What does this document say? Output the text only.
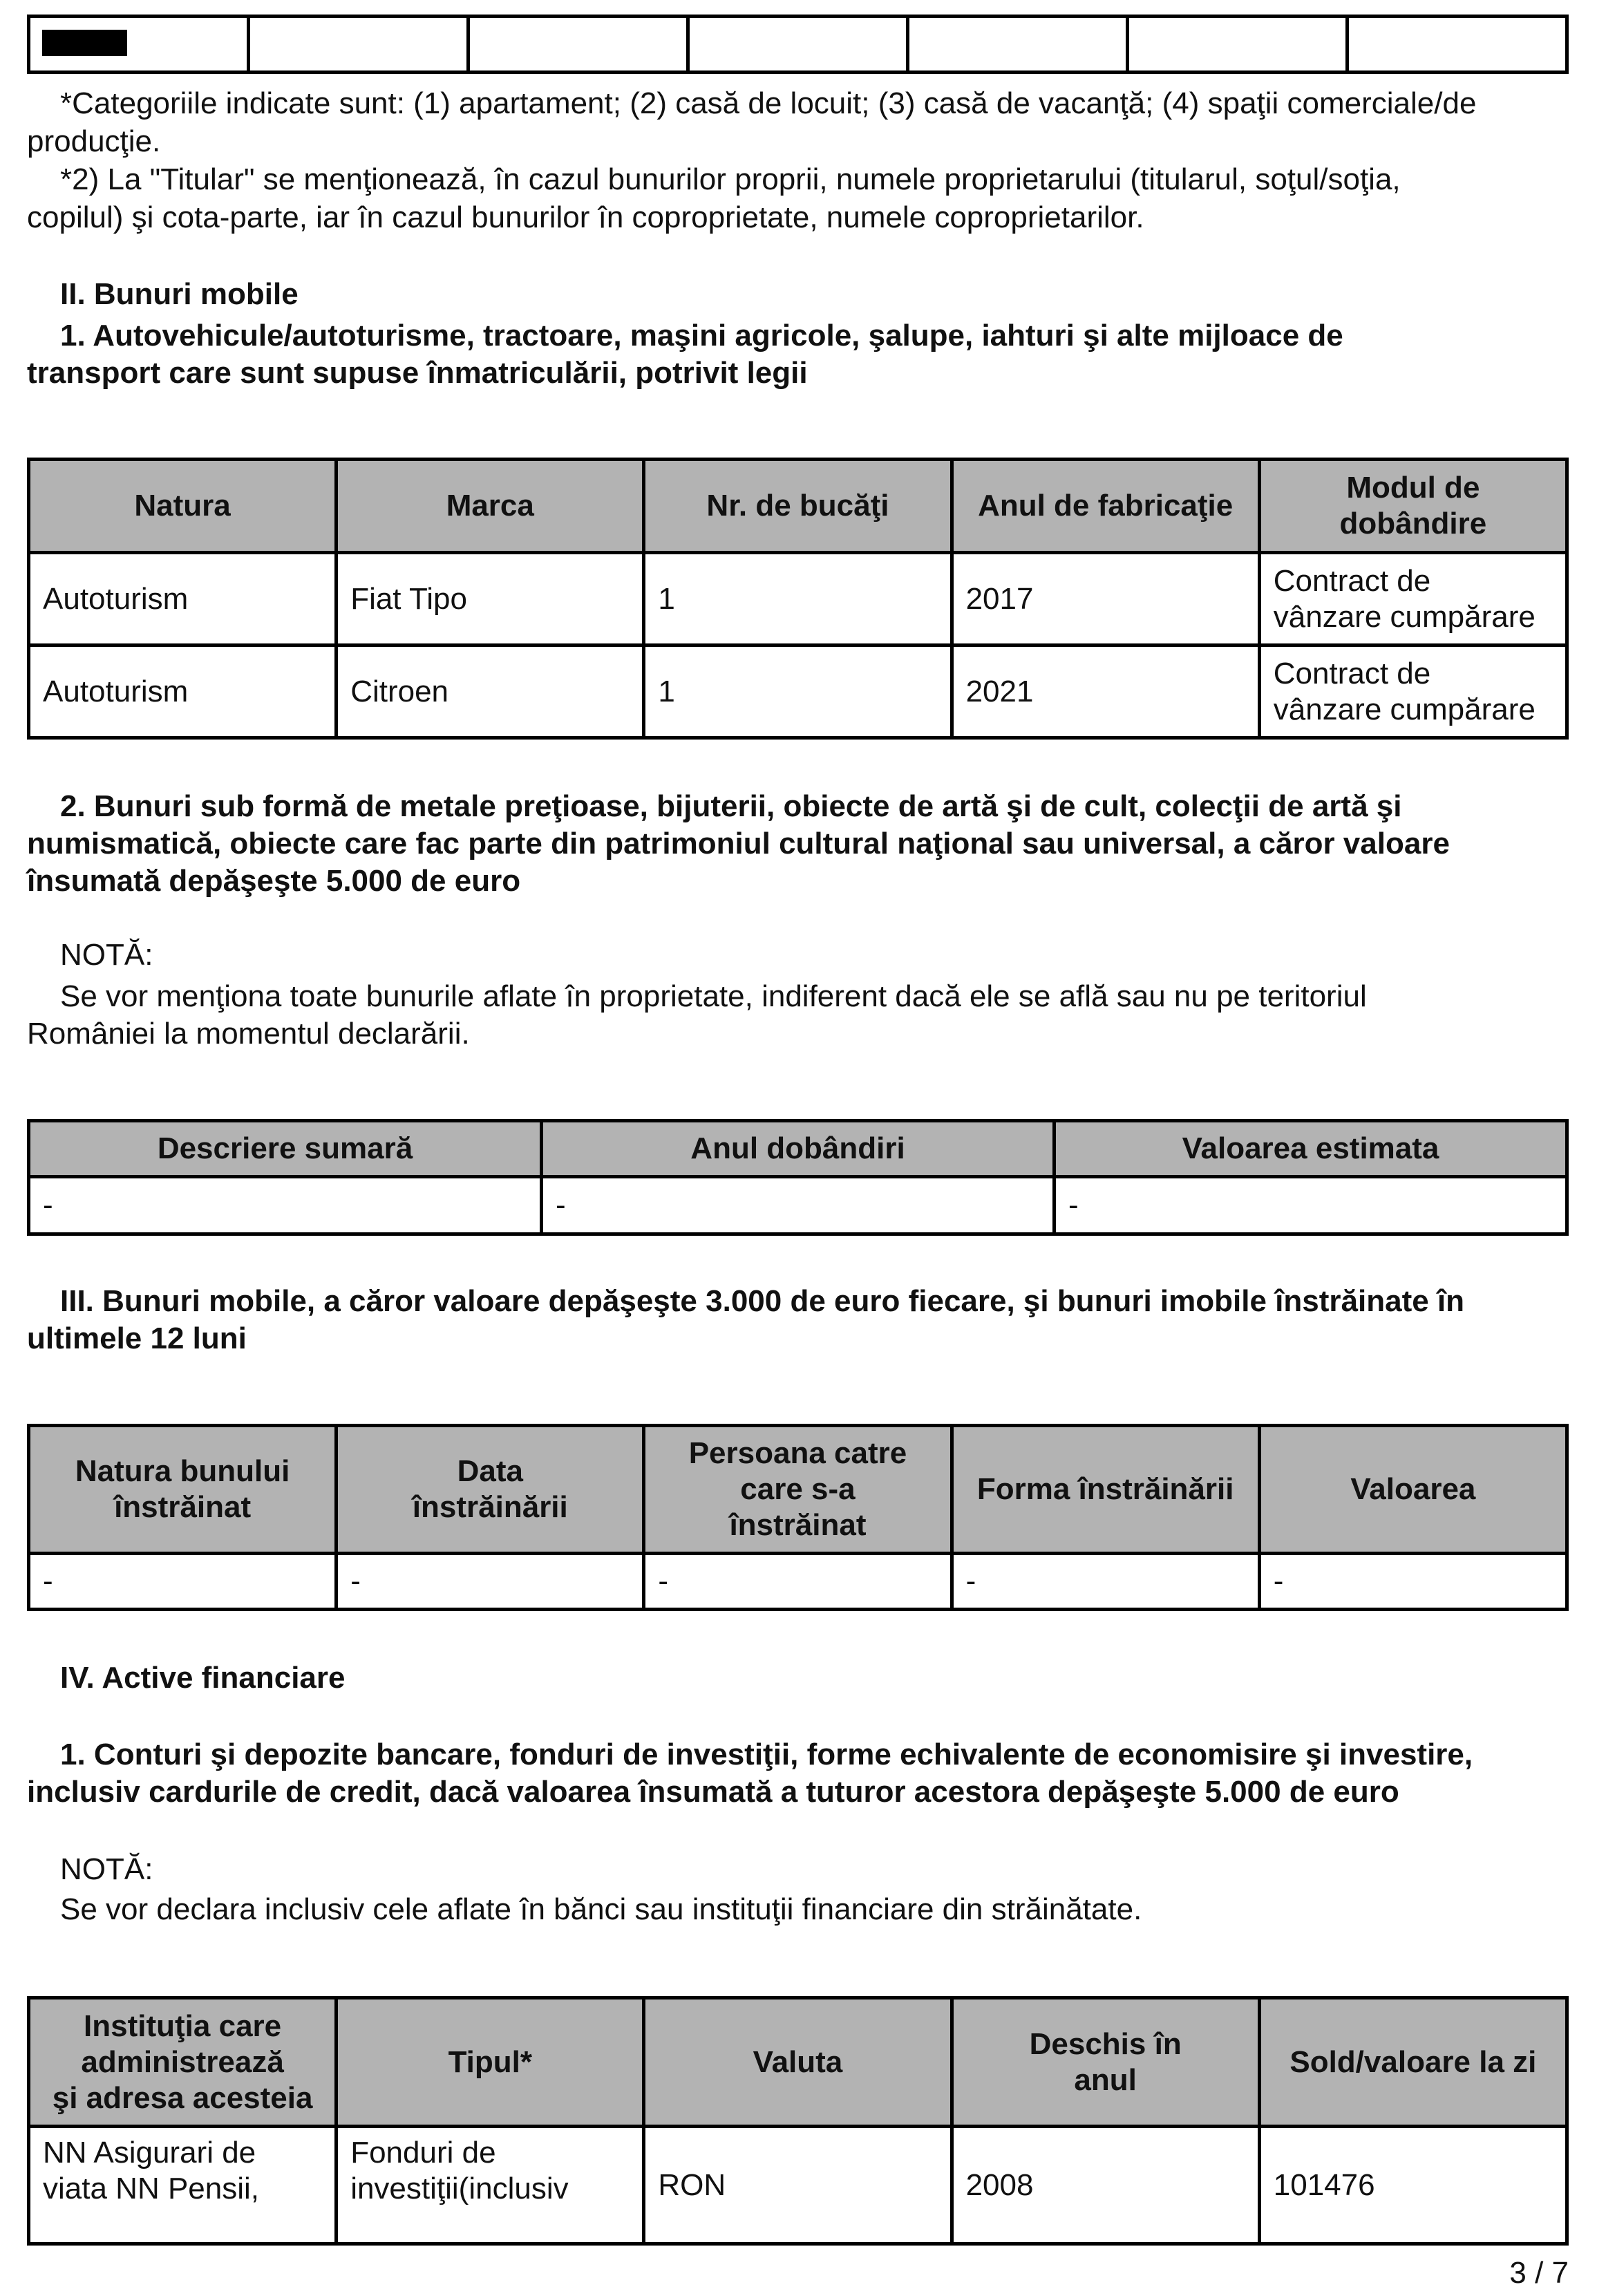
*Categoriile indicate sunt: (1) apartament; (2) casă de locuit; (3) casă de vacanţă; (4) spaţii comerciale/de
producţie.

*2) La "Titular" se menţionează, în cazul bunurilor proprii, numele proprietarului (titularul, soţul/soţia,
copilul) şi cota-parte, iar în cazul bunurilor în coproprietate, numele coproprietarilor.

II. Bunuri mobile

1. Autovehicule/autoturisme, tractoare, maşini agricole, şalupe, iahturi şi alte mijloace de
transport care sunt supuse înmatriculării, potrivit legii

Natura	Marca	Nr. de bucăţi	Anul de fabricaţie	Modul de
dobândire
Autoturism	Fiat Tipo	1	2017	Contract de
vânzare cumpărare
Autoturism	Citroen	1	2021	Contract de
vânzare cumpărare

2. Bunuri sub formă de metale preţioase, bijuterii, obiecte de artă şi de cult, colecţii de artă şi
numismatică, obiecte care fac parte din patrimoniul cultural naţional sau universal, a căror valoare
însumată depăşeşte 5.000 de euro

NOTĂ:

Se vor menţiona toate bunurile aflate în proprietate, indiferent dacă ele se află sau nu pe teritoriul
României la momentul declarării.

Descriere sumară	Anul dobândiri	Valoarea estimata
-	-	-

III. Bunuri mobile, a căror valoare depăşeşte 3.000 de euro fiecare, şi bunuri imobile înstrăinate în
ultimele 12 luni

Natura bunului
înstrăinat	Data
înstrăinării	Persoana catre
care s-a
înstrăinat	Forma înstrăinării	Valoarea
-	-	-	-	-

IV. Active financiare

1. Conturi şi depozite bancare, fonduri de investiţii, forme echivalente de economisire şi investire,
inclusiv cardurile de credit, dacă valoarea însumată a tuturor acestora depăşeşte 5.000 de euro

NOTĂ:

Se vor declara inclusiv cele aflate în bănci sau instituţii financiare din străinătate.

Instituţia care
administrează
şi adresa acesteia	Tipul*	Valuta	Deschis în
anul	Sold/valoare la zi
NN Asigurari de
viata NN Pensii,	Fonduri de
investiţii(inclusiv	RON	2008	101476
3 / 7
